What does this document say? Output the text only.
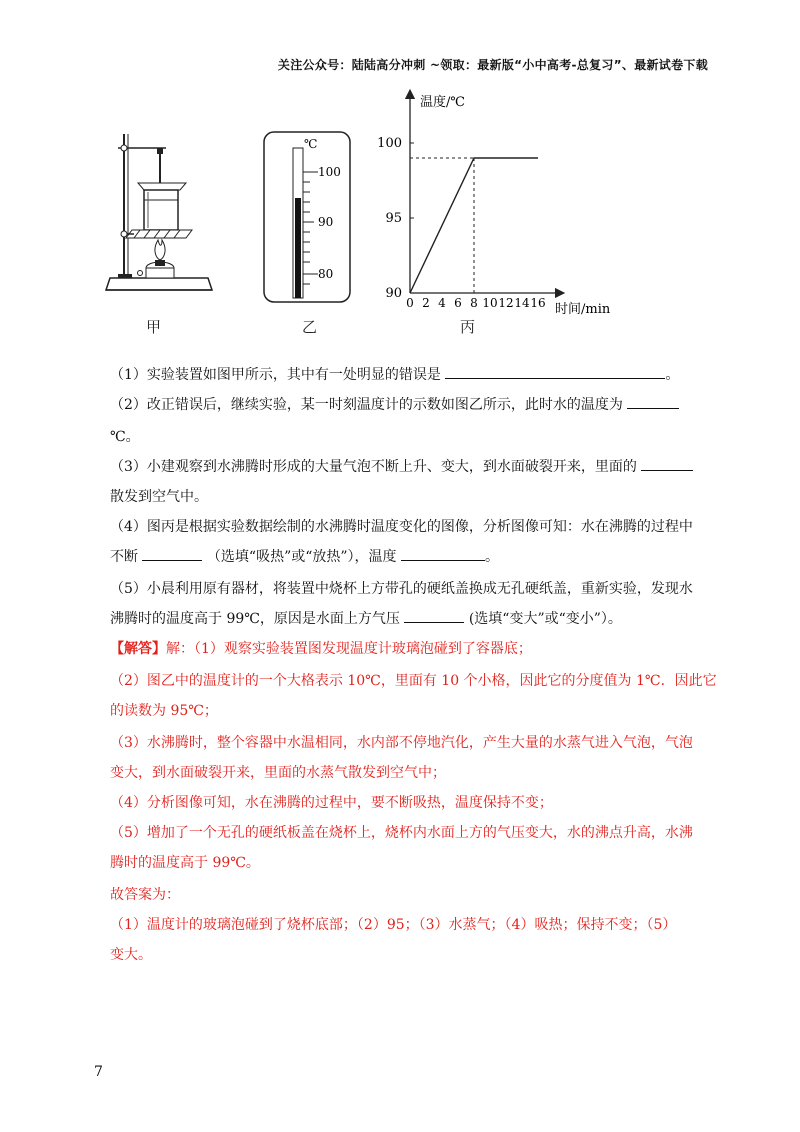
关注公众号：陆陆高分冲刺 ~领取：最新版“小中高考-总复习”、最新试卷下载
甲
℃
100
90
80
乙
温度/℃
时间/min
100
95
90
0 2 4 6 8 10 12 14 16
丙
（1）实验装置如图甲所示，其中有一处明显的错误是	。
（2）改正错误后，继续实验，某一时刻温度计的示数如图乙所示，此时水的温度为
℃。
（3）小建观察到水沸腾时形成的大量气泡不断上升、变大，到水面破裂开来，里面的
散发到空气中。
（4）图丙是根据实验数据绘制的水沸腾时温度变化的图像，分析图像可知：水在沸腾的过程中
不断	（选填“吸热”或“放热”），温度	。
（5）小晨利用原有器材，将装置中烧杯上方带孔的硬纸盖换成无孔硬纸盖，重新实验，发现水
沸腾时的温度高于 99℃，原因是水面上方气压	(选填“变大”或“变小”）。
【解答】解：（1）观察实验装置图发现温度计玻璃泡碰到了容器底；
（2）图乙中的温度计的一个大格表示 10℃，里面有 10 个小格，因此它的分度值为 1℃．因此它
的读数为 95℃；
（3）水沸腾时，整个容器中水温相同，水内部不停地汽化，产生大量的水蒸气进入气泡，气泡
变大，到水面破裂开来，里面的水蒸气散发到空气中；
（4）分析图像可知，水在沸腾的过程中，要不断吸热，温度保持不变；
（5）增加了一个无孔的硬纸板盖在烧杯上，烧杯内水面上方的气压变大，水的沸点升高，水沸
腾时的温度高于 99℃。
故答案为：
（1）温度计的玻璃泡碰到了烧杯底部；（2）95；（3）水蒸气；（4）吸热；保持不变；（5）
变大。
7
